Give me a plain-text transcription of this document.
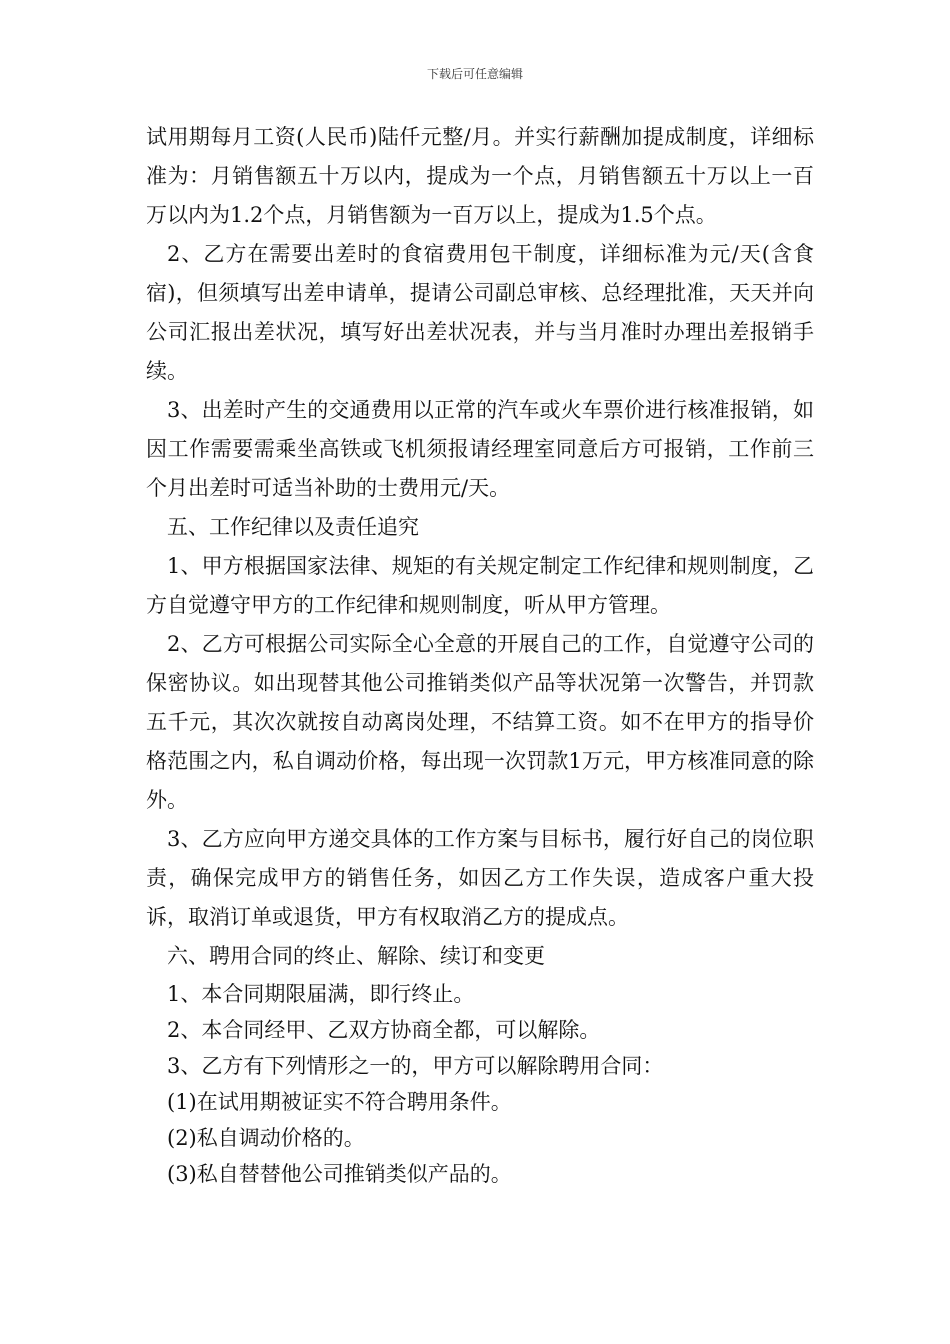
下载后可任意编辑

试用期每月工资(人民币)陆仟元整/月。并实行薪酬加提成制度，详细标准为：月销售额五十万以内，提成为一个点，月销售额五十万以上一百万以内为1.2个点，月销售额为一百万以上，提成为1.5个点。

2、乙方在需要出差时的食宿费用包干制度，详细标准为元/天(含食宿)，但须填写出差申请单，提请公司副总审核、总经理批准，天天并向公司汇报出差状况，填写好出差状况表，并与当月准时办理出差报销手续。

3、出差时产生的交通费用以正常的汽车或火车票价进行核准报销，如因工作需要需乘坐高铁或飞机须报请经理室同意后方可报销，工作前三个月出差时可适当补助的士费用元/天。

五、工作纪律以及责任追究

1、甲方根据国家法律、规矩的有关规定制定工作纪律和规则制度，乙方自觉遵守甲方的工作纪律和规则制度，听从甲方管理。

2、乙方可根据公司实际全心全意的开展自己的工作，自觉遵守公司的保密协议。如出现替其他公司推销类似产品等状况第一次警告，并罚款五千元，其次次就按自动离岗处理，不结算工资。如不在甲方的指导价格范围之内，私自调动价格，每出现一次罚款1万元，甲方核准同意的除外。

3、乙方应向甲方递交具体的工作方案与目标书，履行好自己的岗位职责，确保完成甲方的销售任务，如因乙方工作失误，造成客户重大投诉，取消订单或退货，甲方有权取消乙方的提成点。

六、聘用合同的终止、解除、续订和变更

1、本合同期限届满，即行终止。

2、本合同经甲、乙双方协商全都，可以解除。

3、乙方有下列情形之一的，甲方可以解除聘用合同：

(1)在试用期被证实不符合聘用条件。

(2)私自调动价格的。

(3)私自替替他公司推销类似产品的。
